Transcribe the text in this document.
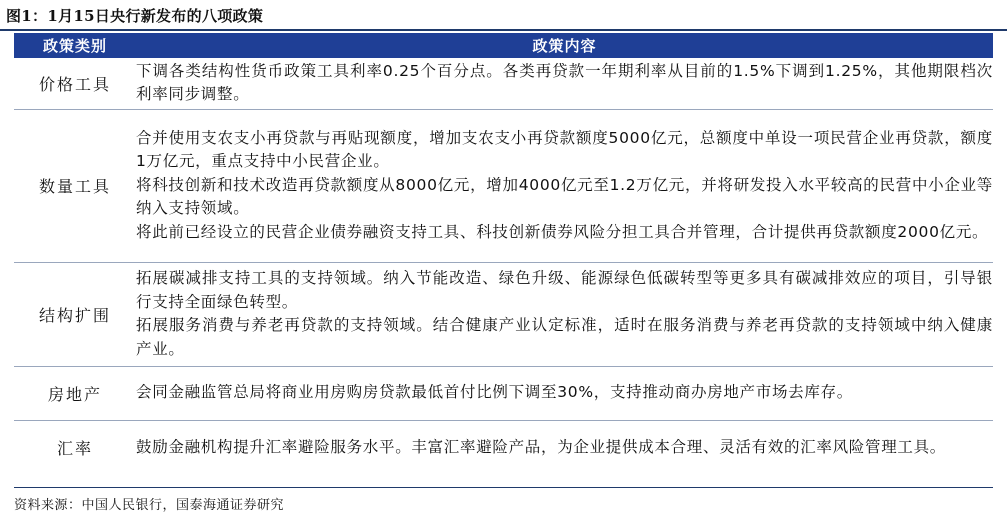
图1：1月15日央行新发布的八项政策
政策类别	政策内容
价格工具	下调各类结构性货币政策工具利率0.25个百分点。各类再贷款一年期利率从目前的1.5%下调到1.25%，其他期限档次利率同步调整。

数量工具	合并使用支农支小再贷款与再贴现额度，增加支农支小再贷款额度5000亿元，总额度中单设一项民营企业再贷款，额度1万亿元，重点支持中小民营企业。

将科技创新和技术改造再贷款额度从8000亿元，增加4000亿元至1.2万亿元，并将研发投入水平较高的民营中小企业等纳入支持领域。

将此前已经设立的民营企业债券融资支持工具、科技创新债券风险分担工具合并管理，合计提供再贷款额度2000亿元。

结构扩围	拓展碳减排支持工具的支持领域。纳入节能改造、绿色升级、能源绿色低碳转型等更多具有碳减排效应的项目，引导银行支持全面绿色转型。

拓展服务消费与养老再贷款的支持领域。结合健康产业认定标准，适时在服务消费与养老再贷款的支持领域中纳入健康产业。

房地产	会同金融监管总局将商业用房购房贷款最低首付比例下调至30%，支持推动商办房地产市场去库存。

汇率	鼓励金融机构提升汇率避险服务水平。丰富汇率避险产品，为企业提供成本合理、灵活有效的汇率风险管理工具。

资料来源：中国人民银行，国泰海通证券研究
